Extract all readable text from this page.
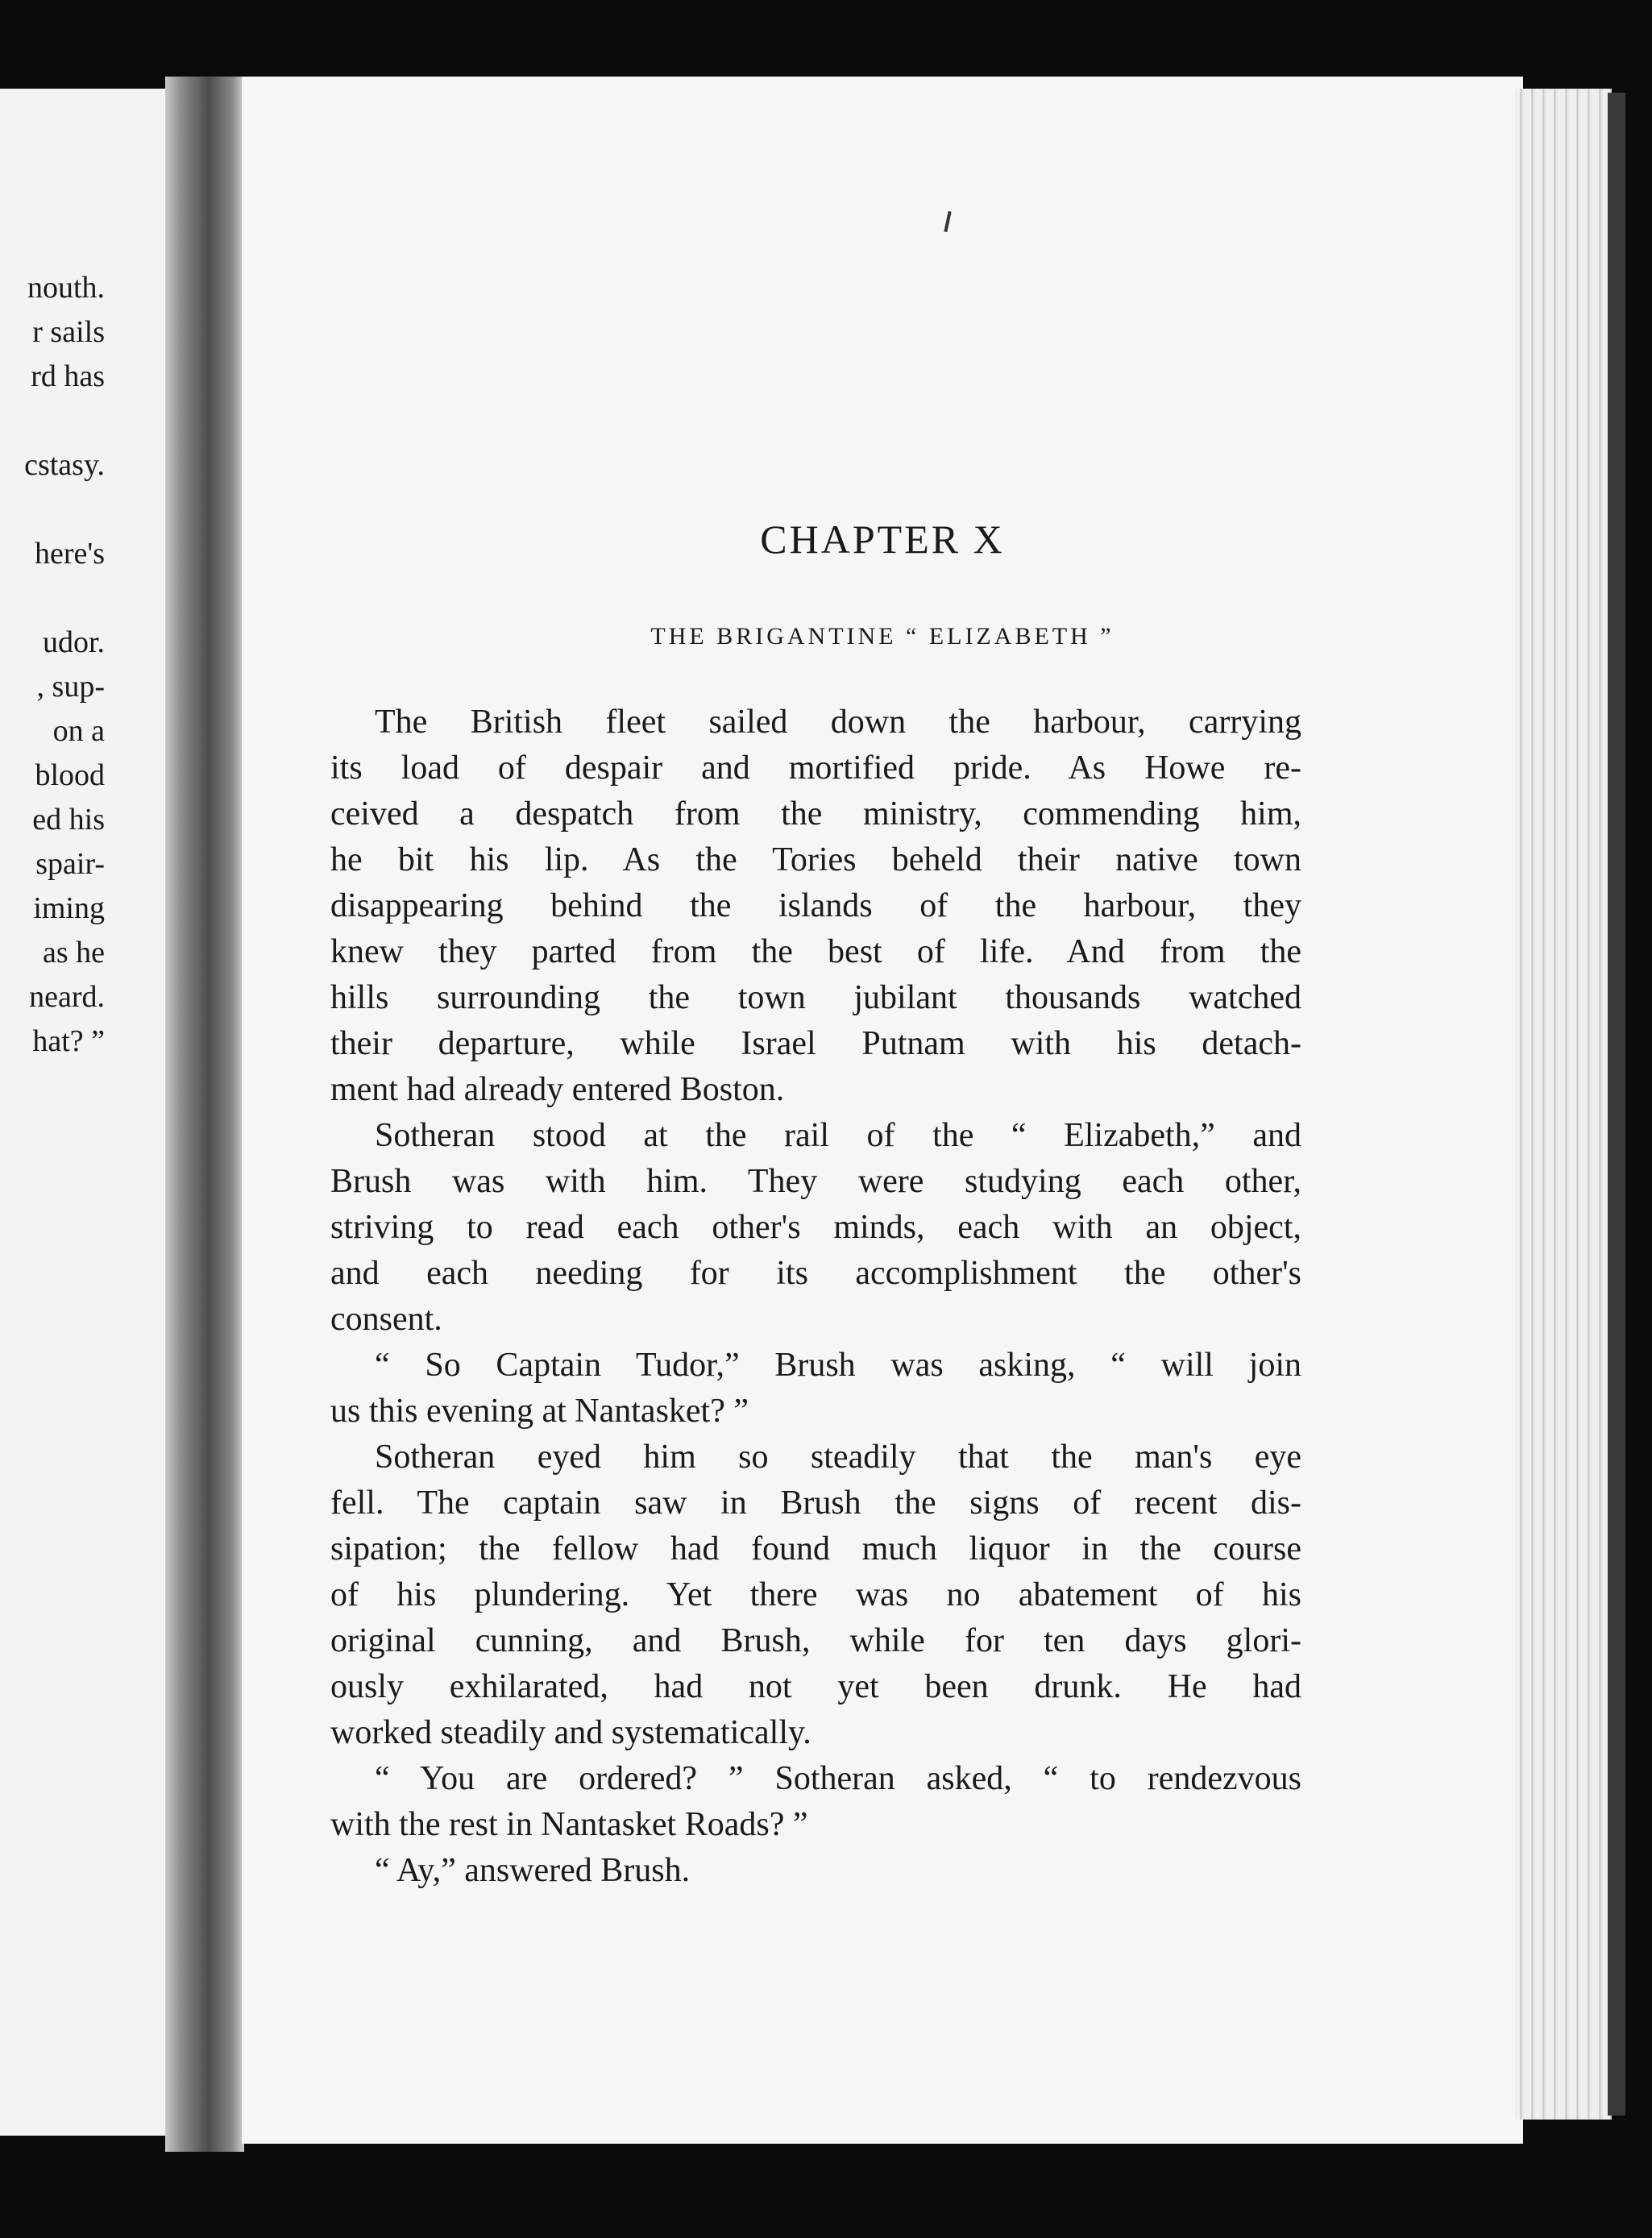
nouth.
r sails
rd has
cstasy.
here's
udor.
, sup-
on a
blood
ed his
spair-
iming
as he
neard.
hat? ”
CHAPTER X
THE BRIGANTINE “ ELIZABETH ”

The British fleet sailed down the harbour, carrying
its load of despair and mortified pride. As Howe re-
ceived a despatch from the ministry, commending him,
he bit his lip. As the Tories beheld their native town
disappearing behind the islands of the harbour, they
knew they parted from the best of life. And from the
hills surrounding the town jubilant thousands watched
their departure, while Israel Putnam with his detach-
ment had already entered Boston.

Sotheran stood at the rail of the “ Elizabeth,” and
Brush was with him. They were studying each other,
striving to read each other's minds, each with an object,
and each needing for its accomplishment the other's
consent.

“ So Captain Tudor,” Brush was asking, “ will join
us this evening at Nantasket? ”

Sotheran eyed him so steadily that the man's eye
fell. The captain saw in Brush the signs of recent dis-
sipation; the fellow had found much liquor in the course
of his plundering. Yet there was no abatement of his
original cunning, and Brush, while for ten days glori-
ously exhilarated, had not yet been drunk. He had
worked steadily and systematically.

“ You are ordered? ” Sotheran asked, “ to rendezvous
with the rest in Nantasket Roads? ”

“ Ay,” answered Brush.
